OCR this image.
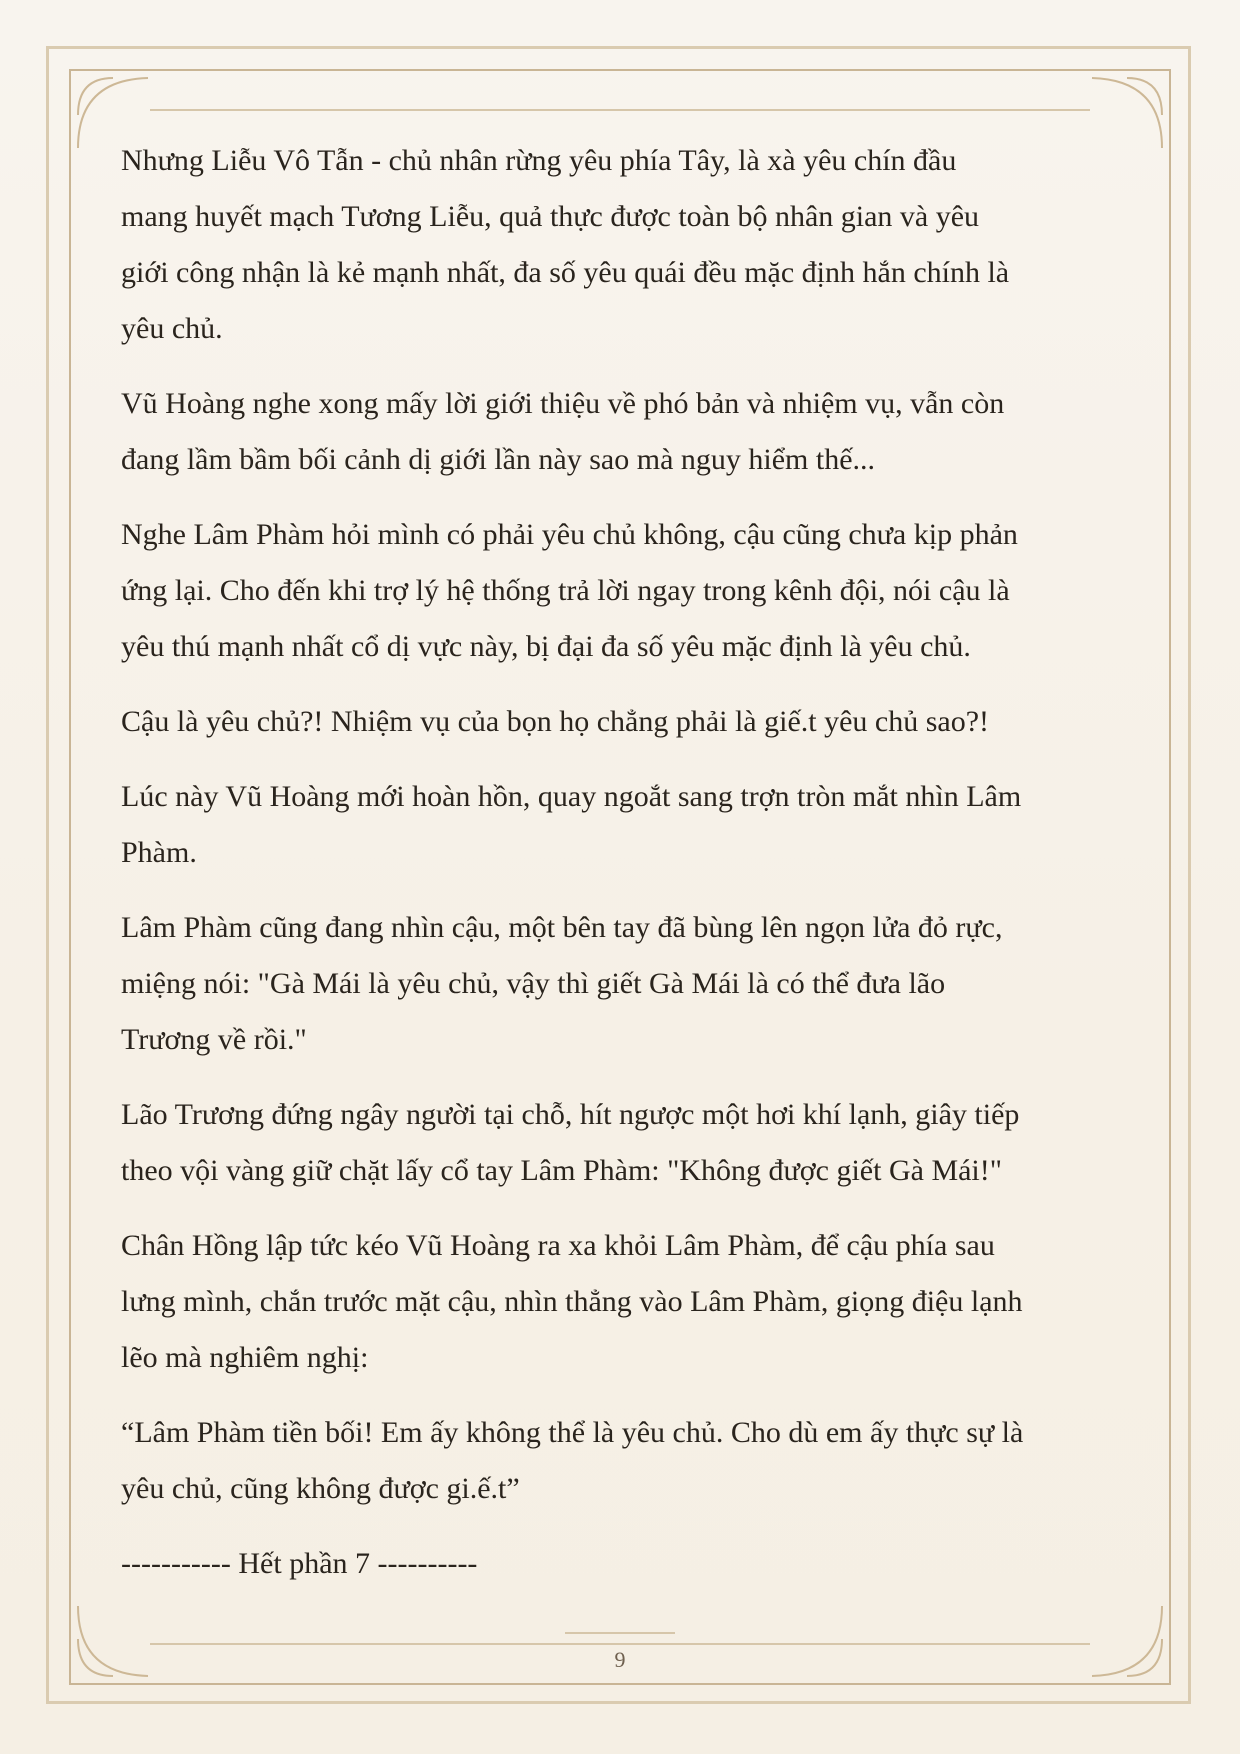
Nhưng Liễu Vô Tẫn - chủ nhân rừng yêu phía Tây, là xà yêu chín đầu
mang huyết mạch Tương Liễu, quả thực được toàn bộ nhân gian và yêu
giới công nhận là kẻ mạnh nhất, đa số yêu quái đều mặc định hắn chính là
yêu chủ.

Vũ Hoàng nghe xong mấy lời giới thiệu về phó bản và nhiệm vụ, vẫn còn
đang lầm bầm bối cảnh dị giới lần này sao mà nguy hiểm thế...

Nghe Lâm Phàm hỏi mình có phải yêu chủ không, cậu cũng chưa kịp phản
ứng lại. Cho đến khi trợ lý hệ thống trả lời ngay trong kênh đội, nói cậu là
yêu thú mạnh nhất cổ dị vực này, bị đại đa số yêu mặc định là yêu chủ.

Cậu là yêu chủ?! Nhiệm vụ của bọn họ chẳng phải là giế.t yêu chủ sao?!

Lúc này Vũ Hoàng mới hoàn hồn, quay ngoắt sang trợn tròn mắt nhìn Lâm
Phàm.

Lâm Phàm cũng đang nhìn cậu, một bên tay đã bùng lên ngọn lửa đỏ rực,
miệng nói: "Gà Mái là yêu chủ, vậy thì giết Gà Mái là có thể đưa lão
Trương về rồi."

Lão Trương đứng ngây người tại chỗ, hít ngược một hơi khí lạnh, giây tiếp
theo vội vàng giữ chặt lấy cổ tay Lâm Phàm: "Không được giết Gà Mái!"

Chân Hồng lập tức kéo Vũ Hoàng ra xa khỏi Lâm Phàm, để cậu phía sau
lưng mình, chắn trước mặt cậu, nhìn thẳng vào Lâm Phàm, giọng điệu lạnh
lẽo mà nghiêm nghị:

“Lâm Phàm tiền bối! Em ấy không thể là yêu chủ. Cho dù em ấy thực sự là
yêu chủ, cũng không được gi.ế.t”

----------- Hết phần 7 ----------

9
